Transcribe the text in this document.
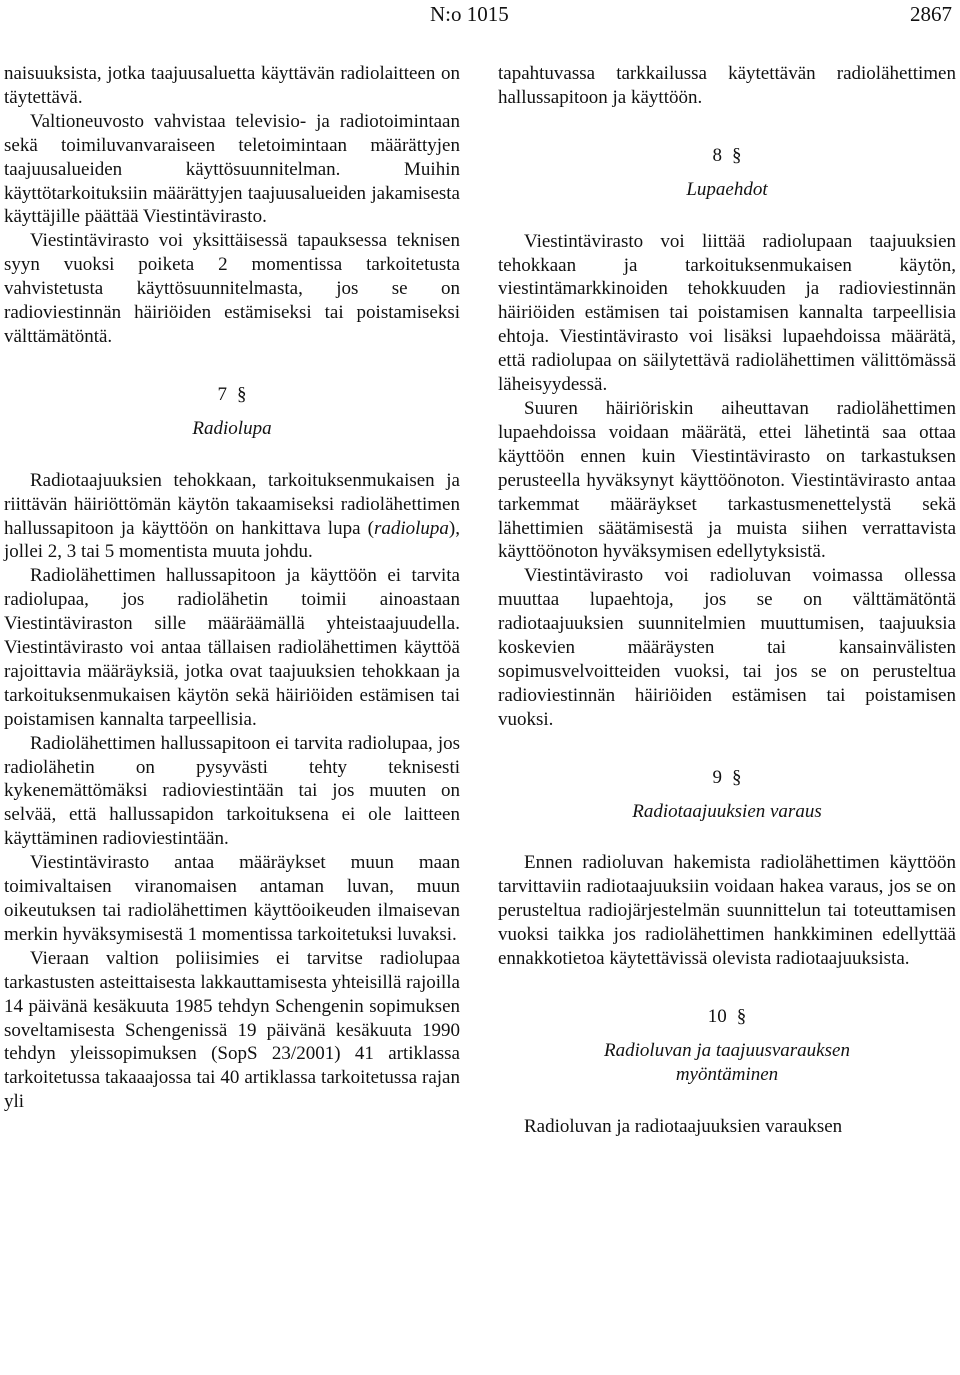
N:o 1015	2867

naisuuksista, jotka taajuusaluetta käyttävän radiolaitteen on täytettävä.

Valtioneuvosto vahvistaa televisio- ja radiotoimintaan sekä toimiluvanvaraiseen teletoimintaan määrättyjen taajuusalueiden käyttösuunnitelman. Muihin käyttötarkoituksiin määrättyjen taajuusalueiden jakamisesta käyttäjille päättää Viestintävirasto.

Viestintävirasto voi yksittäisessä tapauksessa teknisen syyn vuoksi poiketa 2 momentissa tarkoitetusta vahvistetusta käyttösuunnitelmasta, jos se on radioviestinnän häiriöiden estämiseksi tai poistamiseksi välttämätöntä.

7 §
Radiolupa

Radiotaajuuksien tehokkaan, tarkoituksenmukaisen ja riittävän häiriöttömän käytön takaamiseksi radiolähettimen hallussapitoon ja käyttöön on hankittava lupa (radiolupa), jollei 2, 3 tai 5 momentista muuta johdu.

Radiolähettimen hallussapitoon ja käyttöön ei tarvita radiolupaa, jos radiolähetin toimii ainoastaan Viestintäviraston sille määräämällä yhteistaajuudella. Viestintävirasto voi antaa tällaisen radiolähettimen käyttöä rajoittavia määräyksiä, jotka ovat taajuuksien tehokkaan ja tarkoituksenmukaisen käytön sekä häiriöiden estämisen tai poistamisen kannalta tarpeellisia.

Radiolähettimen hallussapitoon ei tarvita radiolupaa, jos radiolähetin on pysyvästi tehty teknisesti kykenemättömäksi radioviestintään tai jos muuten on selvää, että hallussapidon tarkoituksena ei ole laitteen käyttäminen radioviestintään.

Viestintävirasto antaa määräykset muun maan toimivaltaisen viranomaisen antaman luvan, muun oikeutuksen tai radiolähettimen käyttöoikeuden ilmaisevan merkin hyväksymisestä 1 momentissa tarkoitetuksi luvaksi.

Vieraan valtion poliisimies ei tarvitse radiolupaa tarkastusten asteittaisesta lakkauttamisesta yhteisillä rajoilla 14 päivänä kesäkuuta 1985 tehdyn Schengenin sopimuksen soveltamisesta Schengenissä 19 päivänä kesäkuuta 1990 tehdyn yleissopimuksen (SopS 23/2001) 41 artiklassa tarkoitetussa takaaajossa tai 40 artiklassa tarkoitetussa rajan yli

tapahtuvassa tarkkailussa käytettävän radiolähettimen hallussapitoon ja käyttöön.

8 §
Lupaehdot

Viestintävirasto voi liittää radiolupaan taajuuksien tehokkaan ja tarkoituksenmukaisen käytön, viestintämarkkinoiden tehokkuuden ja radioviestinnän häiriöiden estämisen tai poistamisen kannalta tarpeellisia ehtoja. Viestintävirasto voi lisäksi lupaehdoissa määrätä, että radiolupaa on säilytettävä radiolähettimen välittömässä läheisyydessä.

Suuren häiriöriskin aiheuttavan radiolähettimen lupaehdoissa voidaan määrätä, ettei lähetintä saa ottaa käyttöön ennen kuin Viestintävirasto on tarkastuksen perusteella hyväksynyt käyttöönoton. Viestintävirasto antaa tarkemmat määräykset tarkastusmenettelystä sekä lähettimien säätämisestä ja muista siihen verrattavista käyttöönoton hyväksymisen edellytyksistä.

Viestintävirasto voi radioluvan voimassa ollessa muuttaa lupaehtoja, jos se on välttämätöntä radiotaajuuksien suunnitelmien muuttumisen, taajuuksia koskevien määräysten tai kansainvälisten sopimusvelvoitteiden vuoksi, tai jos se on perusteltua radioviestinnän häiriöiden estämisen tai poistamisen vuoksi.

9 §
Radiotaajuuksien varaus

Ennen radioluvan hakemista radiolähettimen käyttöön tarvittaviin radiotaajuuksiin voidaan hakea varaus, jos se on perusteltua radiojärjestelmän suunnittelun tai toteuttamisen vuoksi taikka jos radiolähettimen hankkiminen edellyttää ennakkotietoa käytettävissä olevista radiotaajuuksista.

10 §
Radioluvan ja taajuusvarauksen
myöntäminen

Radioluvan ja radiotaajuuksien varauksen
